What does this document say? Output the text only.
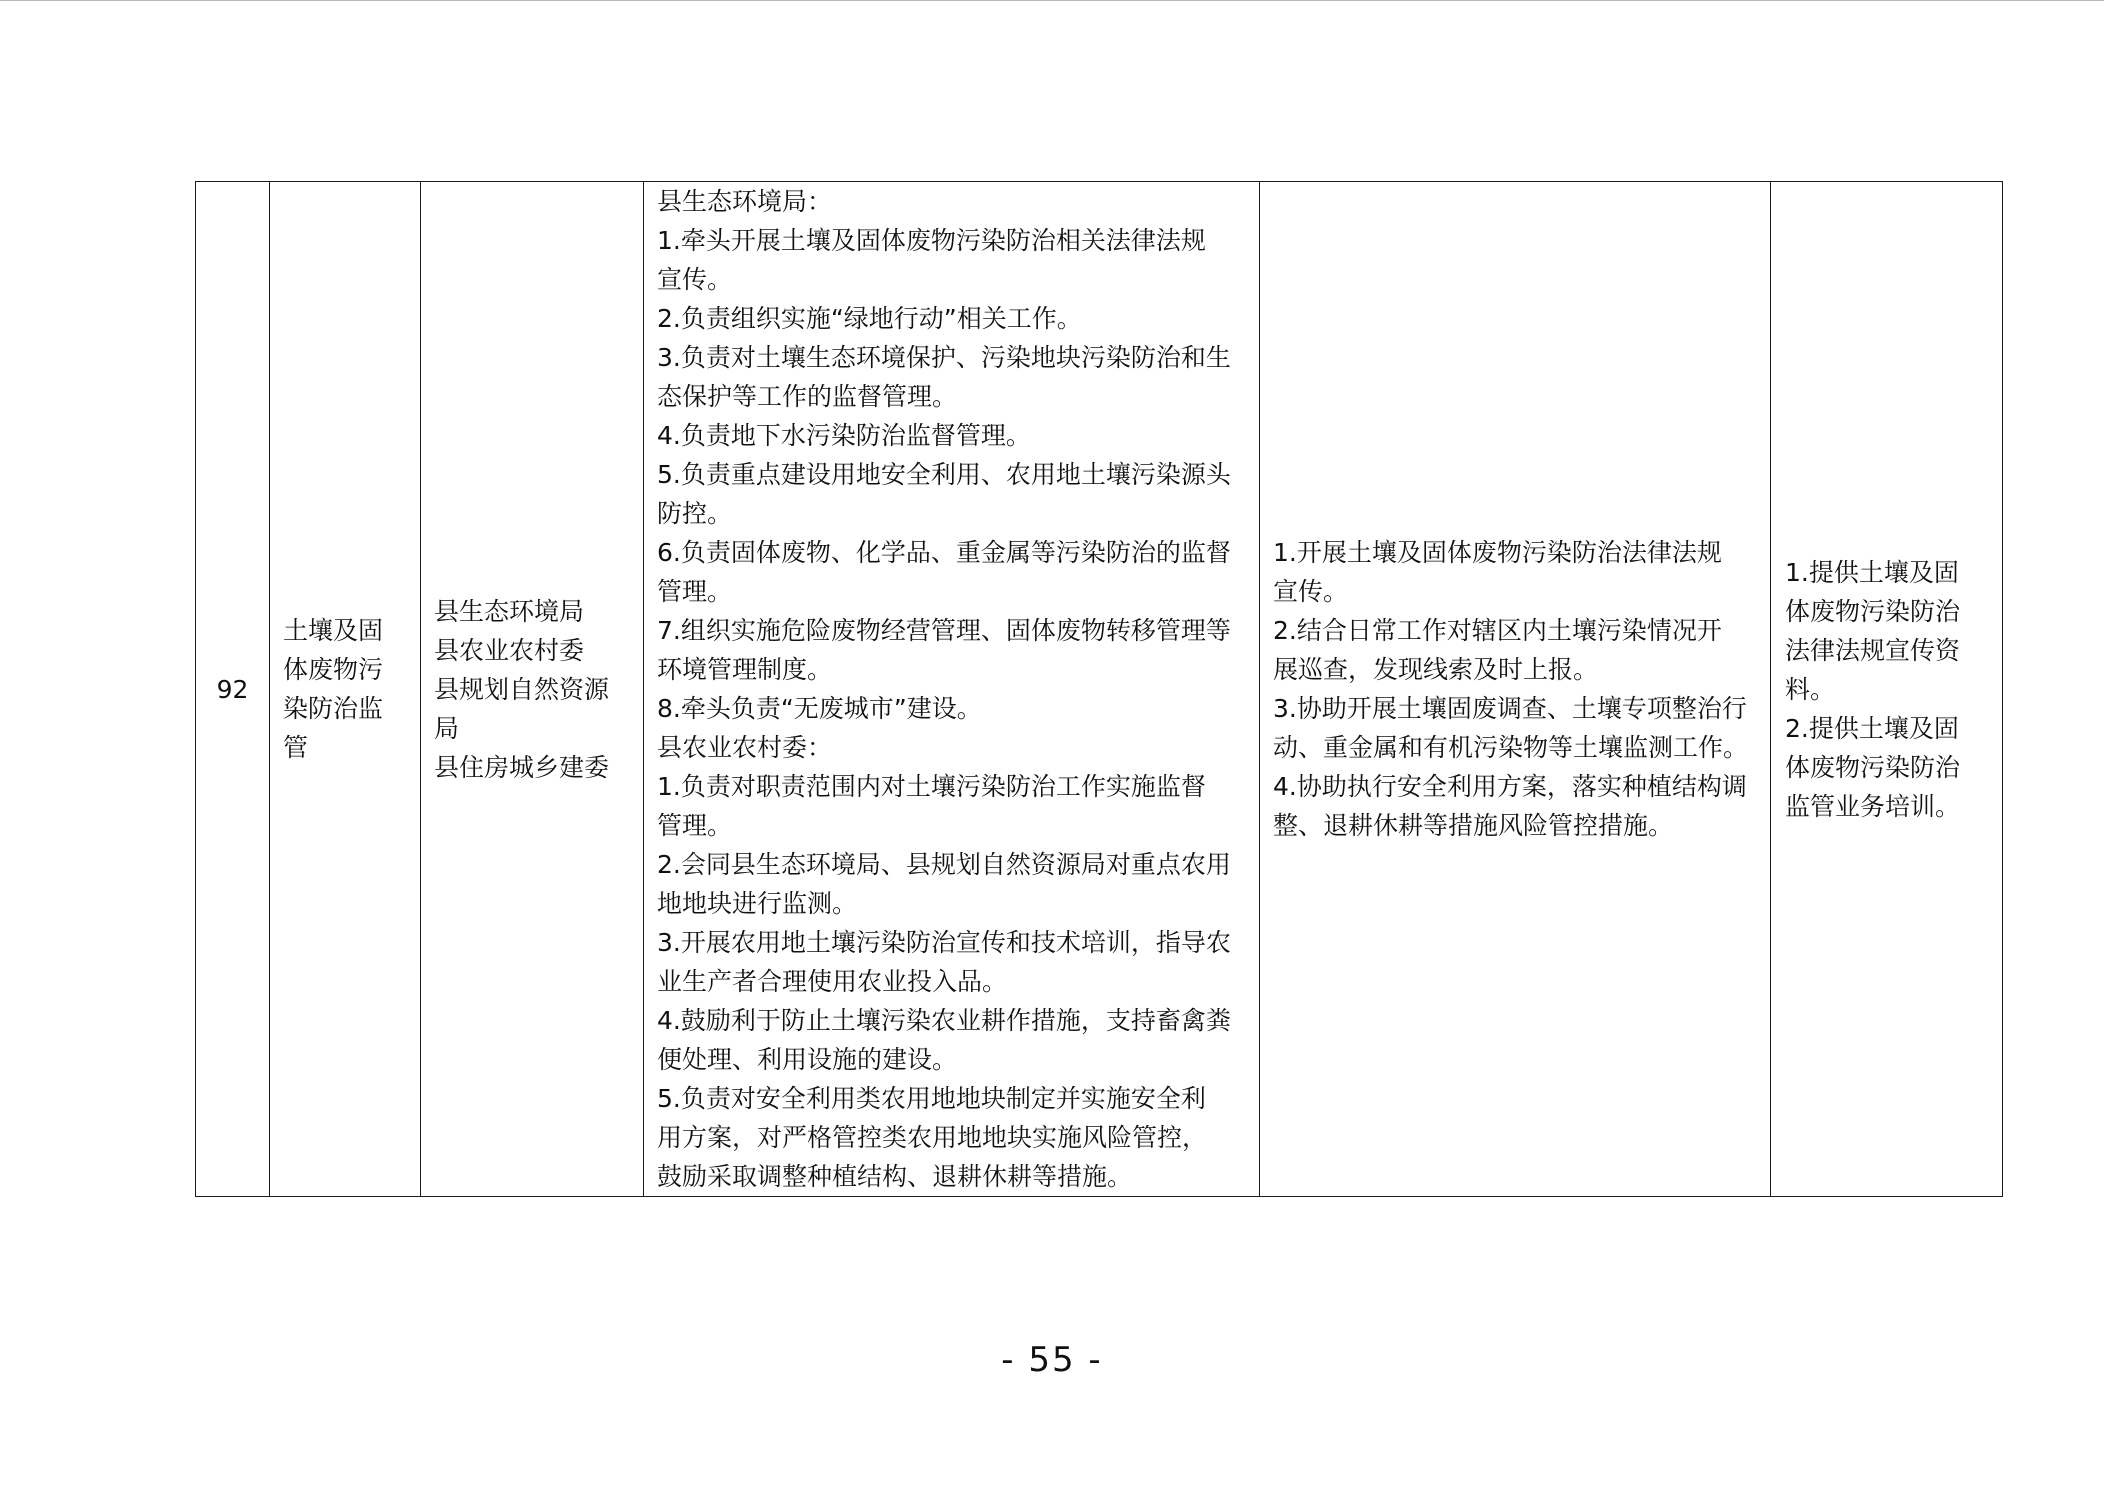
92	
土壤及固
体废物污
染防治监
管

县生态环境局
县农业农村委
县规划自然资源
局
县住房城乡建委

县生态环境局：
1.牵头开展土壤及固体废物污染防治相关法律法规
宣传。
2.负责组织实施“绿地行动”相关工作。
3.负责对土壤生态环境保护、污染地块污染防治和生
态保护等工作的监督管理。
4.负责地下水污染防治监督管理。
5.负责重点建设用地安全利用、农用地土壤污染源头
防控。
6.负责固体废物、化学品、重金属等污染防治的监督
管理。
7.组织实施危险废物经营管理、固体废物转移管理等
环境管理制度。
8.牵头负责“无废城市”建设。
县农业农村委：
1.负责对职责范围内对土壤污染防治工作实施监督
管理。
2.会同县生态环境局、县规划自然资源局对重点农用
地地块进行监测。
3.开展农用地土壤污染防治宣传和技术培训，指导农
业生产者合理使用农业投入品。
4.鼓励利于防止土壤污染农业耕作措施，支持畜禽粪
便处理、利用设施的建设。
5.负责对安全利用类农用地地块制定并实施安全利
用方案，对严格管控类农用地地块实施风险管控，
鼓励采取调整种植结构、退耕休耕等措施。

1.开展土壤及固体废物污染防治法律法规
宣传。
2.结合日常工作对辖区内土壤污染情况开
展巡查，发现线索及时上报。
3.协助开展土壤固废调查、土壤专项整治行
动、重金属和有机污染物等土壤监测工作。
4.协助执行安全利用方案，落实种植结构调
整、退耕休耕等措施风险管控措施。

1.提供土壤及固
体废物污染防治
法律法规宣传资
料。
2.提供土壤及固
体废物污染防治
监管业务培训。
- 55 -
